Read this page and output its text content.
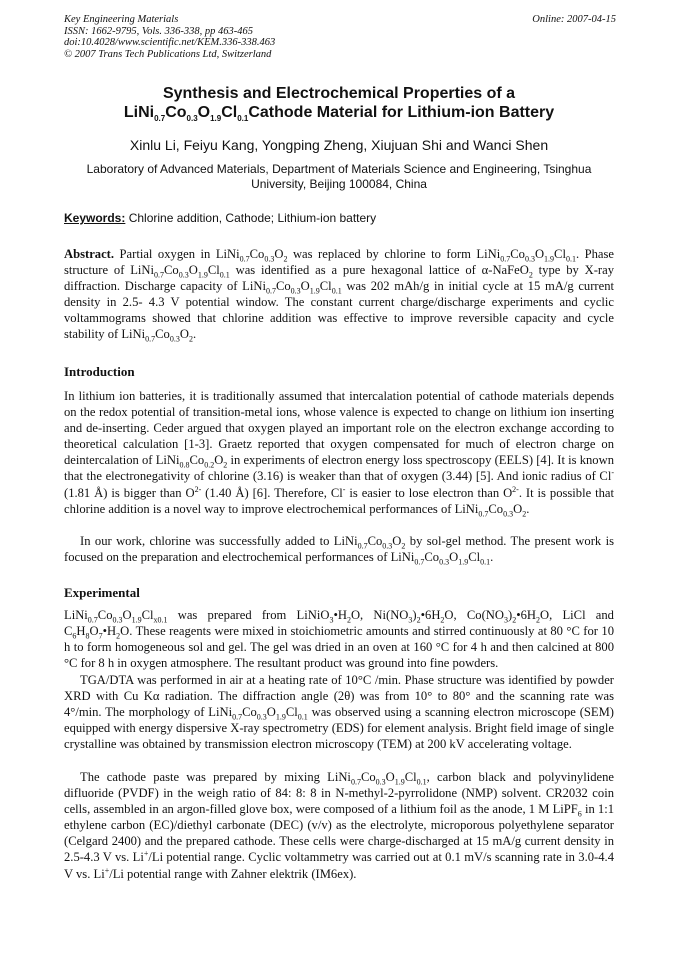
Key Engineering Materials
ISSN: 1662-9795, Vols. 336-338, pp 463-465
doi:10.4028/www.scientific.net/KEM.336-338.463
© 2007 Trans Tech Publications Ltd, Switzerland
Online: 2007-04-15
Synthesis and Electrochemical Properties of a
$LiNi_{0.7}Co_{0.3}O_{1.9}Cl_{0.1}Cathode$ Material for Lithium-ion Battery
Xinlu Li, Feiyu Kang, Yongping Zheng, Xiujuan Shi and Wanci Shen
Laboratory of Advanced Materials, Department of Materials Science and Engineering, Tsinghua University, Beijing 100084, China
Keywords: Chlorine addition, Cathode; Lithium-ion battery
Abstract. Partial oxygen in $LiNi_{0.7}Co_{0.3}O_2$ was replaced by chlorine to form $LiNi_{0.7}Co_{0.3}O_{1.9}Cl_{0.1}$. Phase structure of $LiNi_{0.7}Co_{0.3}O_{1.9}Cl_{0.1}$ was identified as a pure hexagonal lattice of α-NaFeO$_2$ type by X-ray diffraction. Discharge capacity of $LiNi_{0.7}Co_{0.3}O_{1.9}Cl_{0.1}$ was 202 mAh/g in initial cycle at 15 mA/g current density in 2.5- 4.3 V potential window. The constant current charge/discharge experiments and cyclic voltammograms showed that chlorine addition was effective to improve reversible capacity and cycle stability of $LiNi_{0.7}Co_{0.3}O_2$.
Introduction
In lithium ion batteries, it is traditionally assumed that intercalation potential of cathode materials depends on the redox potential of transition-metal ions, whose valence is expected to change on lithium ion inserting and de-inserting. Ceder argued that oxygen played an important role on the electron exchange according to theoretical calculation [1-3]. Graetz reported that oxygen compensated for much of electron charge on deintercalation of $LiNi_{0.8}Co_{0.2}O_2$ in experiments of electron energy loss spectroscopy (EELS) [4]. It is known that the electronegativity of chlorine (3.16) is weaker than that of oxygen (3.44) [5]. And ionic radius of Cl- (1.81 Å) is bigger than $O^{2-}$ (1.40 Å) [6]. Therefore, Cl- is easier to lose electron than $O^{2-}$. It is possible that chlorine addition is a novel way to improve electrochemical performances of $LiNi_{0.7}Co_{0.3}O_2$.
In our work, chlorine was successfully added to $LiNi_{0.7}Co_{0.3}O_2$ by sol-gel method. The present work is focused on the preparation and electrochemical performances of $LiNi_{0.7}Co_{0.3}O_{1.9}Cl_{0.1}$.
Experimental
$LiNi_{0.7}Co_{0.3}O_{1.9}Cl_{x0.1}$ was prepared from $LiNiO_3•H_2O$, $Ni(NO_3)_2•6H_2O$, $Co(NO_3)_2•6H_2O$, LiCl and $C_6H_8O_7•H_2O$. These reagents were mixed in stoichiometric amounts and stirred continuously at 80 °C for 10 h to form homogeneous sol and gel. The gel was dried in an oven at 160 °C for 4 h and then calcined at 800 °C for 8 h in oxygen atmosphere. The resultant product was ground into fine powders.
TGA/DTA was performed in air at a heating rate of 10°C /min. Phase structure was identified by powder XRD with Cu Kα radiation. The diffraction angle (2θ) was from 10° to 80° and the scanning rate was 4°/min. The morphology of $LiNi_{0.7}Co_{0.3}O_{1.9}Cl_{0.1}$ was observed using a scanning electron microscope (SEM) equipped with energy dispersive X-ray spectrometry (EDS) for element analysis. Bright field image of single crystalline was obtained by transmission electron microscopy (TEM) at 200 kV accelerating voltage.
The cathode paste was prepared by mixing $LiNi_{0.7}Co_{0.3}O_{1.9}Cl_{0.1}$, carbon black and polyvinylidene difluoride (PVDF) in the weigh ratio of 84: 8: 8 in N-methyl-2-pyrrolidone (NMP) solvent. CR2032 coin cells, assembled in an argon-filled glove box, were composed of a lithium foil as the anode, 1 M LiPF$_6$ in 1:1 ethylene carbon (EC)/diethyl carbonate (DEC) (v/v) as the electrolyte, microporous polyethylene separator (Celgard 2400) and the prepared cathode. These cells were charge-discharged at 15 mA/g current density in 2.5-4.3 V vs. Li+/Li potential range. Cyclic voltammetry was carried out at 0.1 mV/s scanning rate in 3.0-4.4 V vs. Li+/Li potential range with Zahner elektrik (IM6ex).
